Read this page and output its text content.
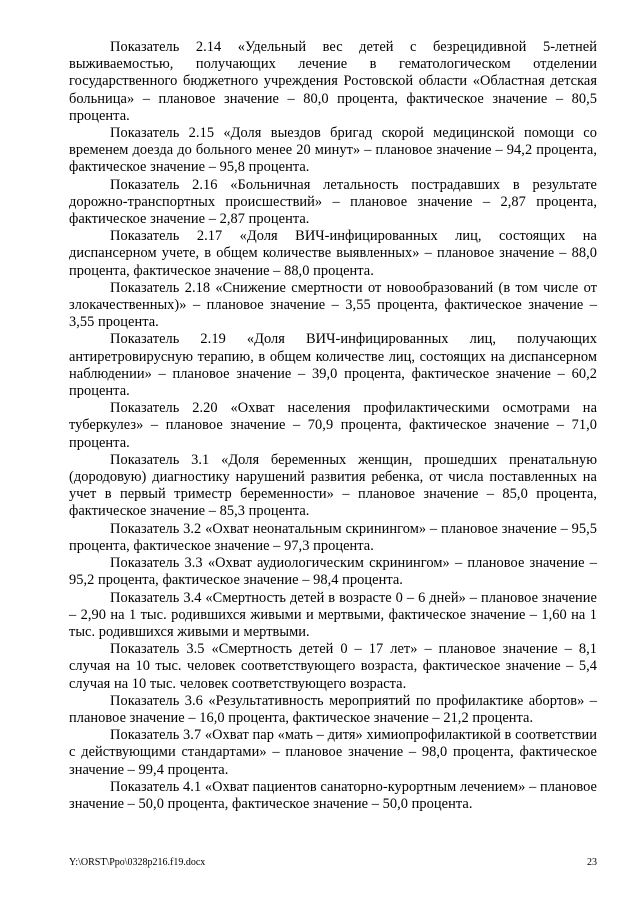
Показатель 2.14 «Удельный вес детей с безрецидивной 5-летней выживаемостью, получающих лечение в гематологическом отделении государственного бюджетного учреждения Ростовской области «Областная детская больница» – плановое значение – 80,0 процента, фактическое значение – 80,5 процента.

Показатель 2.15 «Доля выездов бригад скорой медицинской помощи со временем доезда до больного менее 20 минут» – плановое значение – 94,2 процента, фактическое значение – 95,8 процента.

Показатель 2.16 «Больничная летальность пострадавших в результате дорожно-транспортных происшествий» – плановое значение – 2,87 процента, фактическое значение – 2,87 процента.

Показатель 2.17 «Доля ВИЧ-инфицированных лиц, состоящих на диспансерном учете, в общем количестве выявленных» – плановое значение – 88,0 процента, фактическое значение – 88,0 процента.

Показатель 2.18 «Снижение смертности от новообразований (в том числе от злокачественных)» – плановое значение – 3,55 процента, фактическое значение – 3,55 процента.

Показатель 2.19 «Доля ВИЧ-инфицированных лиц, получающих антиретровирусную терапию, в общем количестве лиц, состоящих на диспансерном наблюдении» – плановое значение – 39,0 процента, фактическое значение – 60,2 процента.

Показатель 2.20 «Охват населения профилактическими осмотрами на туберкулез» – плановое значение – 70,9 процента, фактическое значение – 71,0 процента.

Показатель 3.1 «Доля беременных женщин, прошедших пренатальную (дородовую) диагностику нарушений развития ребенка, от числа поставленных на учет в первый триместр беременности» – плановое значение – 85,0 процента, фактическое значение – 85,3 процента.

Показатель 3.2 «Охват неонатальным скринингом» – плановое значение – 95,5 процента, фактическое значение – 97,3 процента.

Показатель 3.3 «Охват аудиологическим скринингом» – плановое значение – 95,2 процента, фактическое значение – 98,4 процента.

Показатель 3.4 «Смертность детей в возрасте 0 – 6 дней» – плановое значение – 2,90 на 1 тыс. родившихся живыми и мертвыми, фактическое значение – 1,60 на 1 тыс. родившихся живыми и мертвыми.

Показатель 3.5 «Смертность детей 0 – 17 лет» – плановое значение – 8,1 случая на 10 тыс. человек соответствующего возраста, фактическое значение – 5,4 случая на 10 тыс. человек соответствующего возраста.

Показатель 3.6 «Результативность мероприятий по профилактике абортов» – плановое значение – 16,0 процента, фактическое значение – 21,2 процента.

Показатель 3.7 «Охват пар «мать – дитя» химиопрофилактикой в соответствии с действующими стандартами» – плановое значение – 98,0 процента, фактическое значение – 99,4 процента.

Показатель 4.1 «Охват пациентов санаторно-курортным лечением» – плановое значение – 50,0 процента, фактическое значение – 50,0 процента.

Y:\ORST\Ppo\0328p216.f19.docx	23
